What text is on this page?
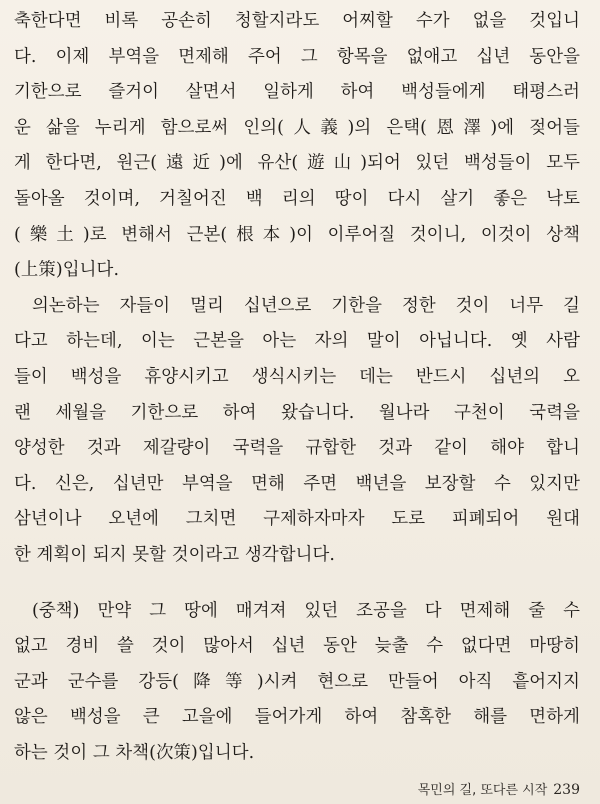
축한다면 비록 공손히 청할지라도 어찌할 수가 없을 것입니
다. 이제 부역을 면제해 주어 그 항목을 없애고 십년 동안을
기한으로 즐거이 살면서 일하게 하여 백성들에게 태평스러
운 삶을 누리게 함으로써 인의(人義)의 은택(恩澤)에 젖어들
게 한다면, 원근(遠近)에 유산(遊山)되어 있던 백성들이 모두
돌아올 것이며, 거칠어진 백 리의 땅이 다시 살기 좋은 낙토
(樂土)로 변해서 근본(根本)이 이루어질 것이니, 이것이 상책
(上策)입니다.
의논하는 자들이 멀리 십년으로 기한을 정한 것이 너무 길
다고 하는데, 이는 근본을 아는 자의 말이 아닙니다. 옛 사람
들이 백성을 휴양시키고 생식시키는 데는 반드시 십년의 오
랜 세월을 기한으로 하여 왔습니다. 월나라 구천이 국력을
양성한 것과 제갈량이 국력을 규합한 것과 같이 해야 합니
다. 신은, 십년만 부역을 면해 주면 백년을 보장할 수 있지만
삼년이나 오년에 그치면 구제하자마자 도로 피폐되어 원대
한 계획이 되지 못할 것이라고 생각합니다.
(중책) 만약 그 땅에 매겨져 있던 조공을 다 면제해 줄 수
없고 경비 쓸 것이 많아서 십년 동안 늦출 수 없다면 마땅히
군과 군수를 강등(降等)시켜 현으로 만들어 아직 흩어지지
않은 백성을 큰 고을에 들어가게 하여 참혹한 해를 면하게
하는 것이 그 차책(次策)입니다.
목민의 길, 또다른 시작 239
